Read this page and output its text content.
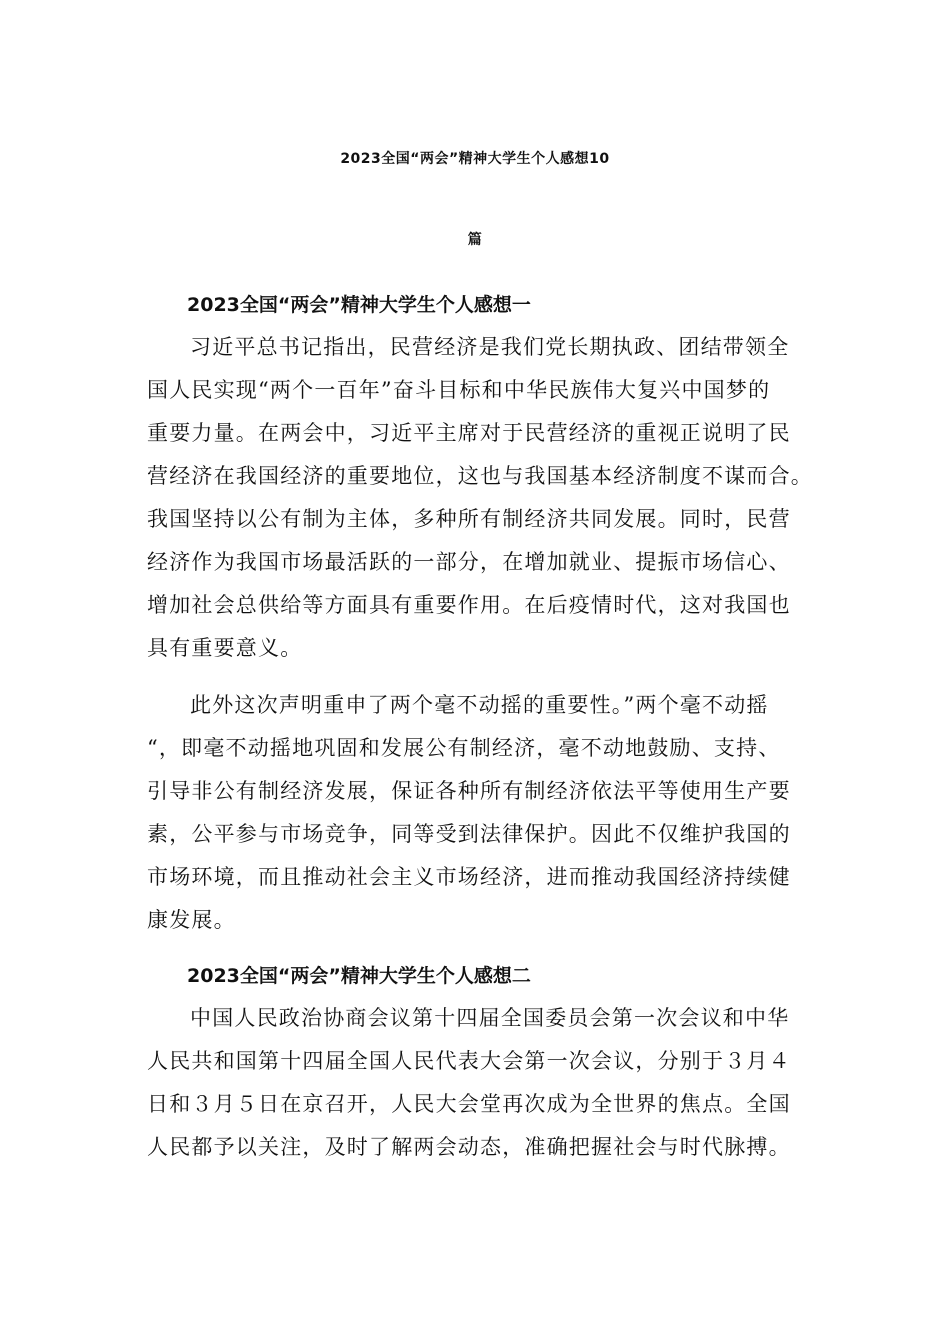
2023全国“两会”精神大学生个人感想10
篇
2023全国“两会”精神大学生个人感想一
习近平总书记指出，民营经济是我们党长期执政、团结带领全
国人民实现“两个一百年”奋斗目标和中华民族伟大复兴中国梦的
重要力量。在两会中，习近平主席对于民营经济的重视正说明了民
营经济在我国经济的重要地位，这也与我国基本经济制度不谋而合。
我国坚持以公有制为主体，多种所有制经济共同发展。同时，民营
经济作为我国市场最活跃的一部分，在增加就业、提振市场信心、
增加社会总供给等方面具有重要作用。在后疫情时代，这对我国也
具有重要意义。
此外这次声明重申了两个毫不动摇的重要性。”两个毫不动摇
“，即毫不动摇地巩固和发展公有制经济，毫不动地鼓励、支持、
引导非公有制经济发展，保证各种所有制经济依法平等使用生产要
素，公平参与市场竞争，同等受到法律保护。因此不仅维护我国的
市场环境，而且推动社会主义市场经济，进而推动我国经济持续健
康发展。
2023全国“两会”精神大学生个人感想二
中国人民政治协商会议第十四届全国委员会第一次会议和中华
人民共和国第十四届全国人民代表大会第一次会议，分别于３月４
日和３月５日在京召开，人民大会堂再次成为全世界的焦点。全国
人民都予以关注，及时了解两会动态，准确把握社会与时代脉搏。
